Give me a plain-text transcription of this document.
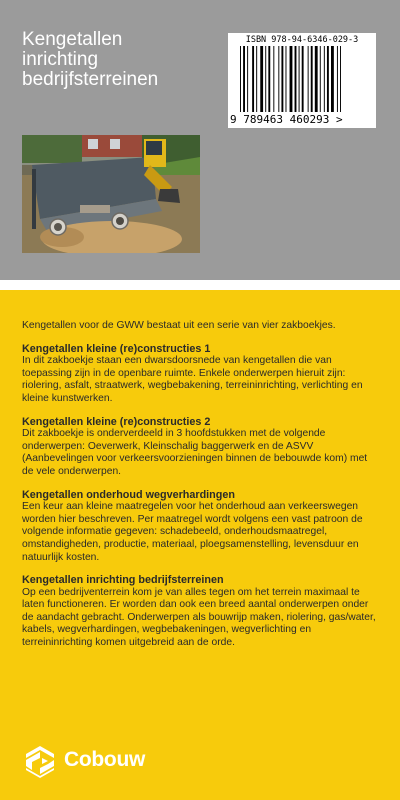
Kengetallen
inrichting
bedrijfsterreinen
ISBN 978-94-6346-029-3
9 789463 460293 >

Kengetallen voor de GWW bestaat uit een serie van vier zakboekjes.

Kengetallen kleine (re)constructies 1

In dit zakboekje staan een dwarsdoorsnede van kengetallen die van toepassing zijn in de openbare ruimte. Enkele onderwerpen hieruit zijn: riolering, asfalt, straatwerk, wegbebakening, terreininrichting, verlichting en kleine kunstwerken.

Kengetallen kleine (re)constructies 2

Dit zakboekje is onderverdeeld in 3 hoofdstukken met de volgende onderwerpen: Oeverwerk, Kleinschalig baggerwerk en de ASVV (Aanbevelingen voor verkeersvoorzieningen binnen de bebouwde kom) met de vele onderwerpen.

Kengetallen onderhoud wegverhardingen

Een keur aan kleine maatregelen voor het onderhoud aan verkeerswegen worden hier beschreven. Per maatregel wordt volgens een vast patroon de volgende informatie gegeven: schadebeeld, onderhoudsmaatregel, omstandigheden, productie, materiaal, ploegsamenstelling, levensduur en natuurlijk kosten.

Kengetallen inrichting bedrijfsterreinen

Op een bedrijventerrein kom je van alles tegen om het terrein maximaal te laten functioneren. Er worden dan ook een breed aantal onderwerpen onder de aandacht gebracht. Onderwerpen als bouwrijp maken, riolering, gas/water, kabels, wegverhardingen, wegbebakeningen, wegverlichting en terreininrichting komen uitgebreid aan de orde.

Cobouw
